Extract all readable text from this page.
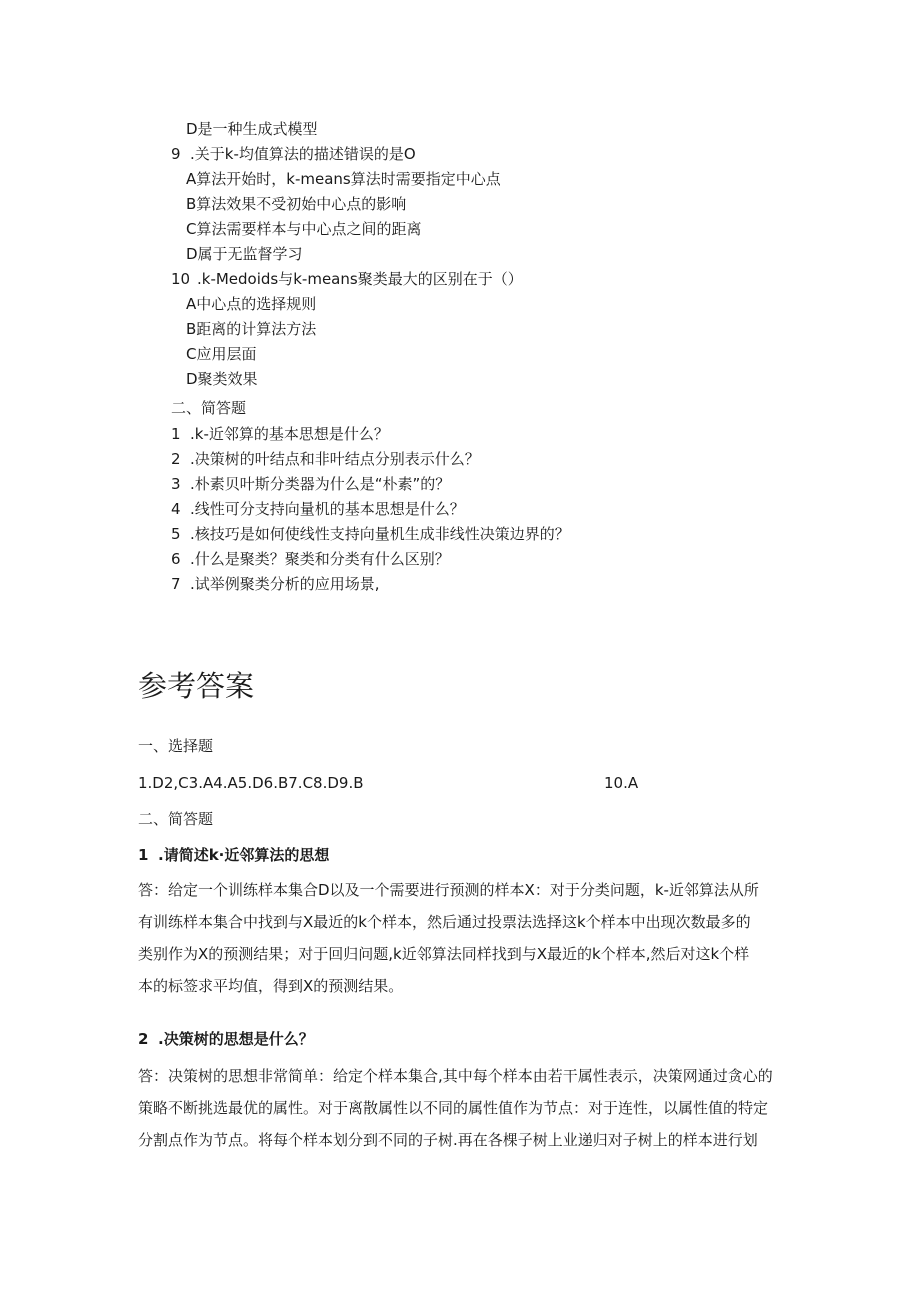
D是一种生成式模型
9 .关于k-均值算法的描述错误的是O
A算法开始时，k-means算法时需要指定中心点
B算法效果不受初始中心点的影响
C算法需要样本与中心点之间的距离
D属于无监督学习
10 .k-Medoids与k-means聚类最大的区别在于（）
A中心点的选择规则
B距离的计算法方法
C应用层面
D聚类效果
二、简答题
1 .k-近邻算的基本思想是什么？
2 .决策树的叶结点和非叶结点分别表示什么？
3 .朴素贝叶斯分类器为什么是“朴素”的？
4 .线性可分支持向量机的基本思想是什么？
5 .核技巧是如何使线性支持向量机生成非线性决策边界的？
6 .什么是聚类？聚类和分类有什么区别？
7 .试举例聚类分析的应用场景,
参考答案
一、选择题
1.D2,C3.A4.A5.D6.B7.C8.D9.B	10.A
二、简答题
1 .请简述k·近邻算法的思想
答：给定一个训练样本集合D以及一个需要进行预测的样本X：对于分类问题，k-近邻算法从所
有训练样本集合中找到与X最近的k个样本，然后通过投票法选择这k个样本中出现次数最多的
类别作为X的预测结果；对于回归问题,k近邻算法同样找到与X最近的k个样本,然后对这k个样
本的标签求平均值，得到X的预测结果。
2 .决策树的思想是什么？
答：决策树的思想非常简单：给定个样本集合,其中每个样本由若干属性表示，决策网通过贪心的
策略不断挑选最优的属性。对于离散属性以不同的属性值作为节点：对于连性，以属性值的特定
分割点作为节点。将每个样本划分到不同的子树.再在各棵子树上业递归对子树上的样本进行划
